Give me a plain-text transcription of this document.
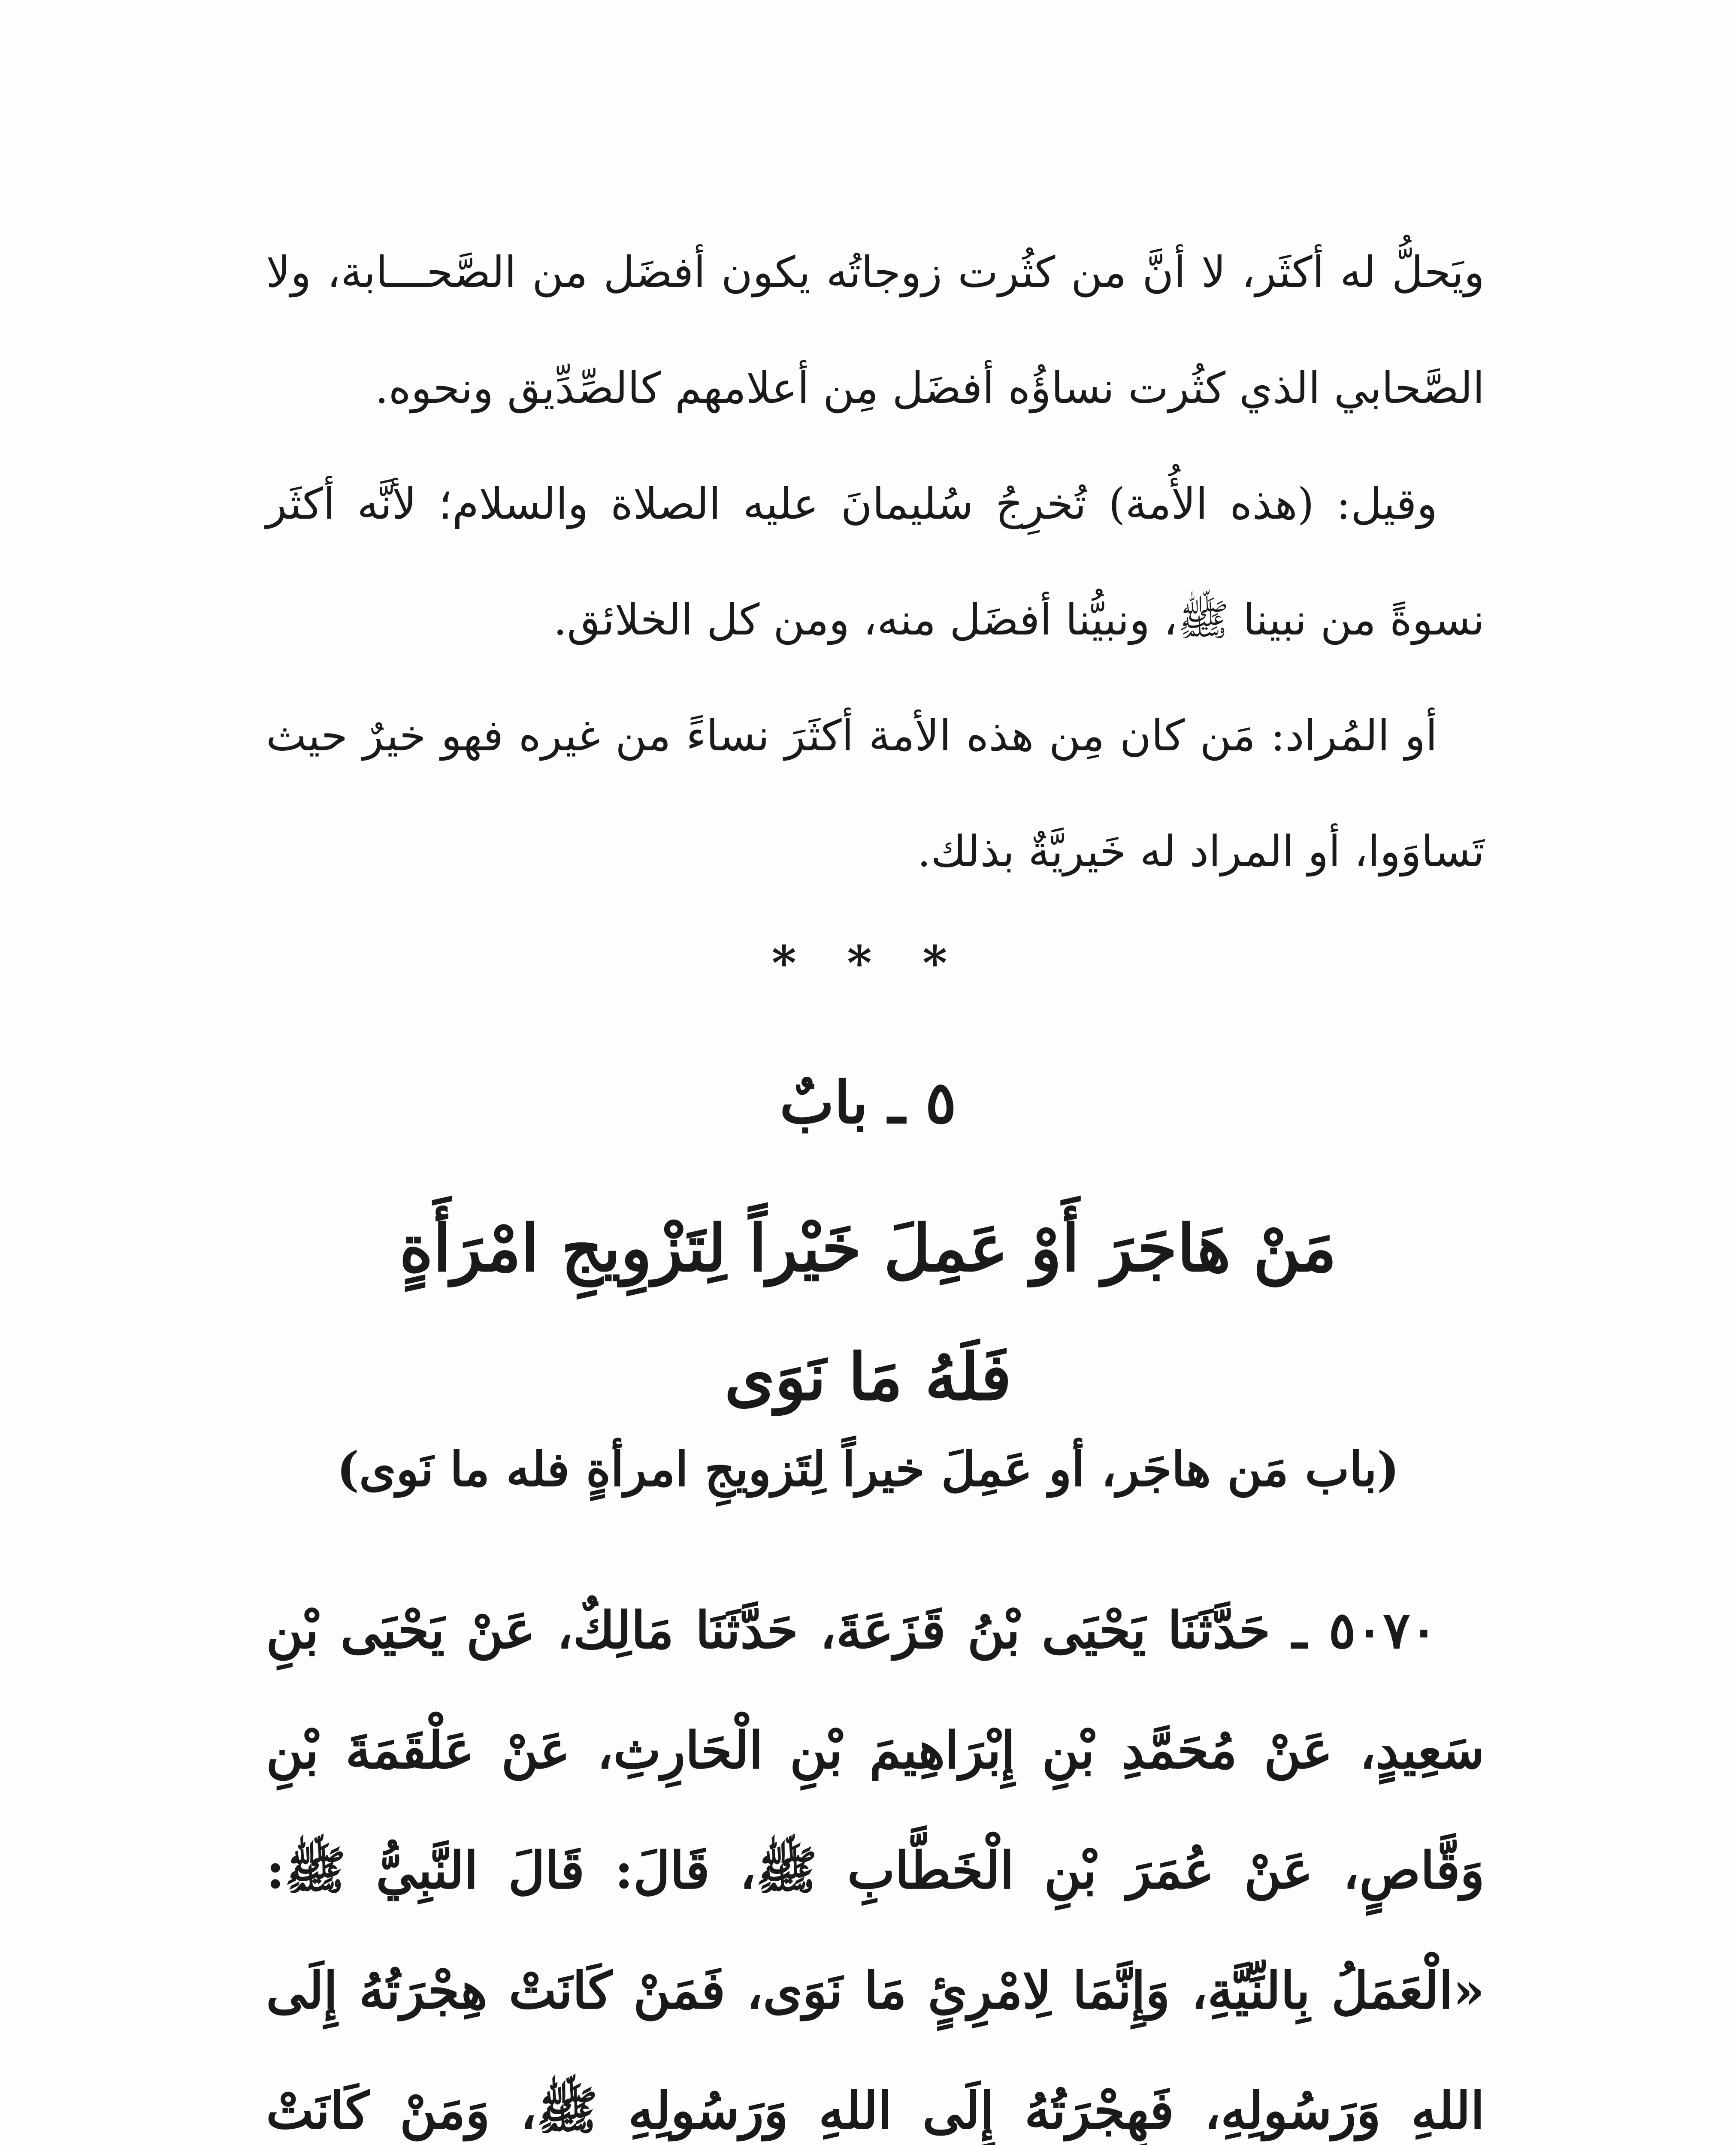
ويَحلُّ له أكثَر، لا أنَّ من كثُرت زوجاتُه يكون أفضَل من الصَّحـــابة، ولا الصَّحابي الذي كثُرت نساؤُه أفضَل مِن أعلامهم كالصِّدِّيق ونحوه.

وقيل: (هذه الأُمة) تُخرِجُ سُليمانَ عليه الصلاة والسلام؛ لأنَّه أكثَر نسوةً من نبينا ﷺ، ونبيُّنا أفضَل منه، ومن كل الخلائق.

أو المُراد: مَن كان مِن هذه الأمة أكثَرَ نساءً من غيره فهو خيرٌ حيث تَساوَوا، أو المراد له خَيريَّةٌ بذلك.

* * *
٥ ـ بابٌ
مَنْ هَاجَرَ أَوْ عَمِلَ خَيْراً لِتَزْوِيجِ امْرَأَةٍ
فَلَهُ مَا نَوَى
(باب مَن هاجَر، أو عَمِلَ خيراً لِتَزويجِ امرأةٍ فله ما نَوى)

٥٠٧٠ ـ حَدَّثَنَا يَحْيَى بْنُ قَزَعَةَ، حَدَّثَنَا مَالِكٌ، عَنْ يَحْيَى بْنِ سَعِيدٍ، عَنْ مُحَمَّدِ بْنِ إِبْرَاهِيمَ بْنِ الْحَارِثِ، عَنْ عَلْقَمَةَ بْنِ وَقَّاصٍ، عَنْ عُمَرَ بْنِ الْخَطَّابِ ﷺ، قَالَ: قَالَ النَّبِيُّ ﷺ: «الْعَمَلُ بِالنِّيَّةِ، وَإِنَّمَا لِامْرِئٍ مَا نَوَى، فَمَنْ كَانَتْ هِجْرَتُهُ إِلَى اللهِ وَرَسُولِهِ، فَهِجْرَتُهُ إِلَى اللهِ وَرَسُولِهِ ﷺ، وَمَنْ كَانَتْ
